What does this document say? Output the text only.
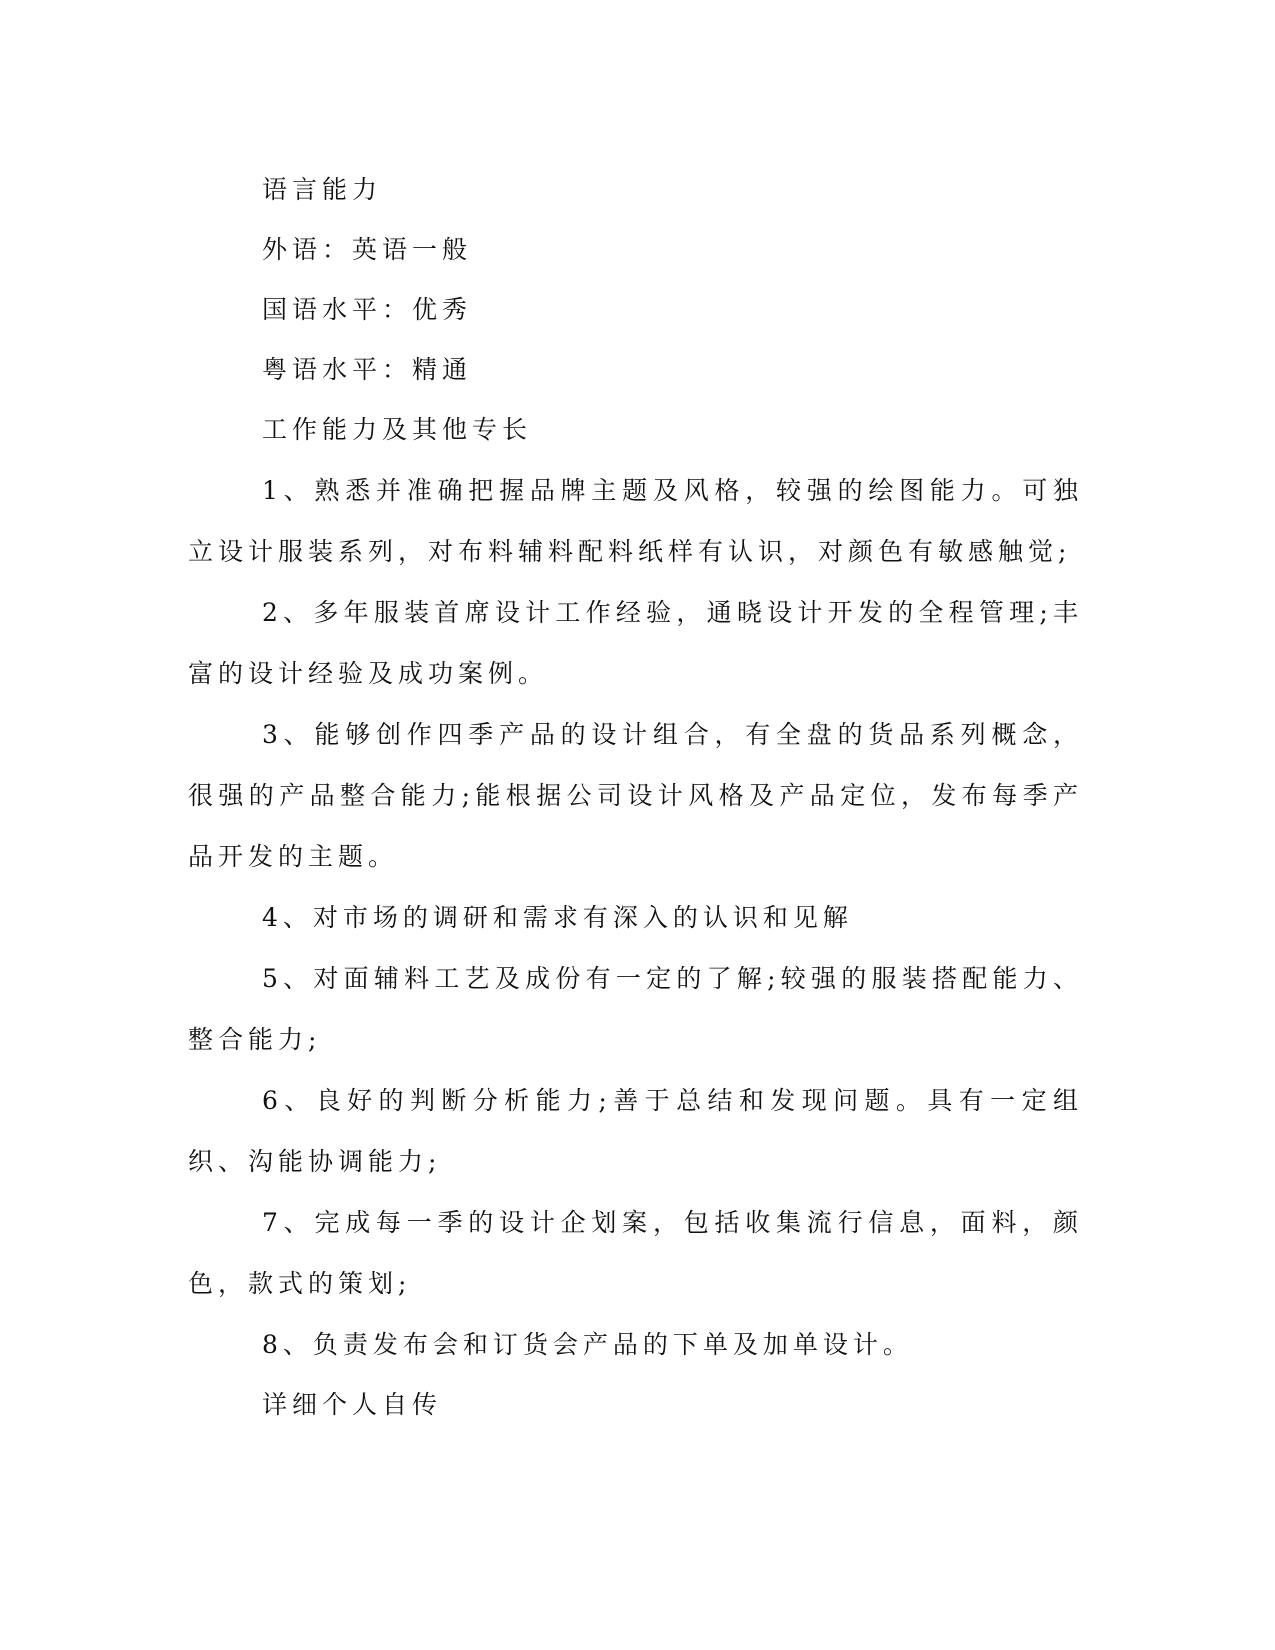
语言能力

外语：英语一般

国语水平：优秀

粤语水平：精通

工作能力及其他专长

1、熟悉并准确把握品牌主题及风格，较强的绘图能力。可独立设计服装系列，对布料辅料配料纸样有认识，对颜色有敏感触觉;

2、多年服装首席设计工作经验，通晓设计开发的全程管理;丰富的设计经验及成功案例。

3、能够创作四季产品的设计组合，有全盘的货品系列概念，很强的产品整合能力;能根据公司设计风格及产品定位，发布每季产品开发的主题。

4、对市场的调研和需求有深入的认识和见解

5、对面辅料工艺及成份有一定的了解;较强的服装搭配能力、整合能力;

6、良好的判断分析能力;善于总结和发现问题。具有一定组织、沟能协调能力;

7、完成每一季的设计企划案，包括收集流行信息，面料，颜色，款式的策划;

8、负责发布会和订货会产品的下单及加单设计。

详细个人自传
